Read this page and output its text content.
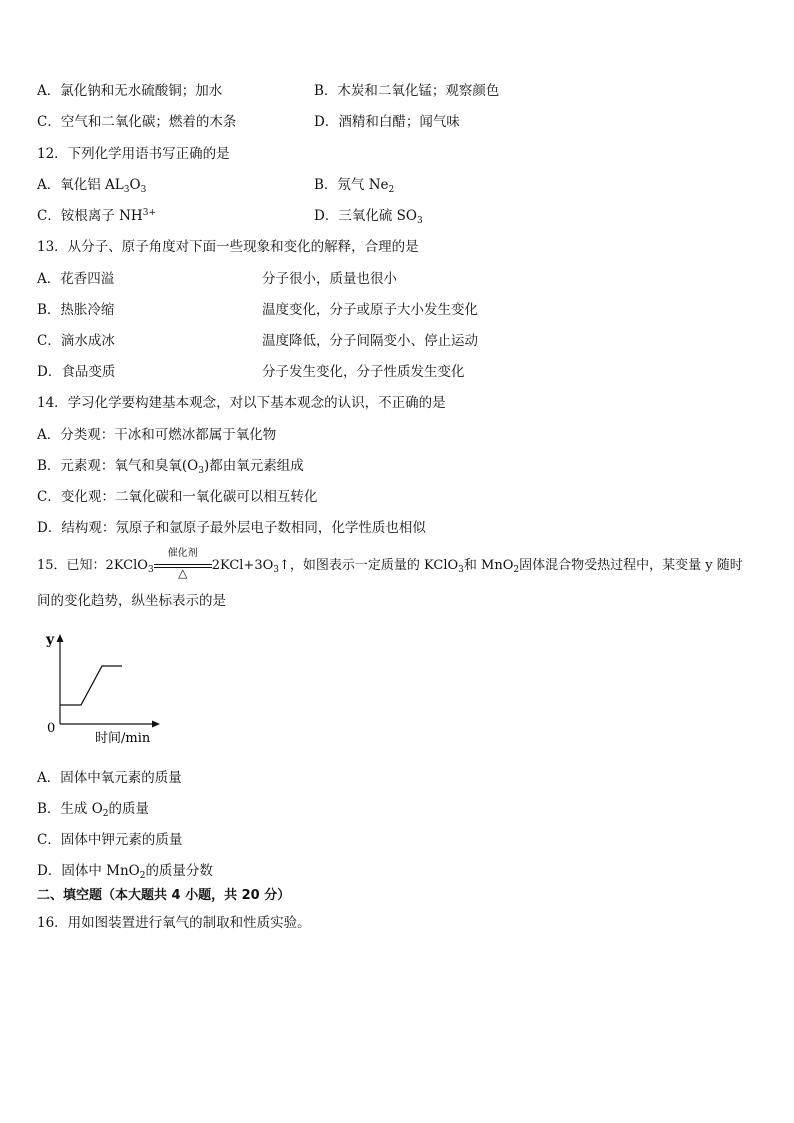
A．氯化钠和无水硫酸铜；加水	B．木炭和二氧化锰；观察颜色
C．空气和二氧化碳；燃着的木条	D．酒精和白醋；闻气味
12．下列化学用语书写正确的是
A．氧化铝 $AL_3O_3$	B．氖气 $Ne_2$
C．铵根离子 $NH^{3+}$	D．三氧化硫 $SO_3$
13．从分子、原子角度对下面一些现象和变化的解释，合理的是
A．花香四溢	分子很小，质量也很小
B．热胀冷缩	温度变化，分子或原子大小发生变化
C．滴水成冰	温度降低，分子间隔变小、停止运动
D．食品变质	分子发生变化，分子性质发生变化
14．学习化学要构建基本观念，对以下基本观念的认识，不正确的是
A．分类观：干冰和可燃冰都属于氧化物
B．元素观：氧气和臭氧$(O_3)$都由氧元素组成
C．变化观：二氧化碳和一氧化碳可以相互转化
D．结构观：氖原子和氩原子最外层电子数相同，化学性质也相似
15．已知：2KClO$_3$
催化剂
△	$2KCl+3O_3↑$，如图表示一定质量的 KClO$_3$和 MnO$_2$固体混合物受热过程中，某变量 y 随时
间的变化趋势，纵坐标表示的是
y
0
时间/min
A．固体中氧元素的质量
B．生成 $O_2$的质量
C．固体中钾元素的质量
D．固体中 MnO$_2$的质量分数
二、填空题（本大题共 4 小题，共 20 分）
16．用如图装置进行氧气的制取和性质实验。
